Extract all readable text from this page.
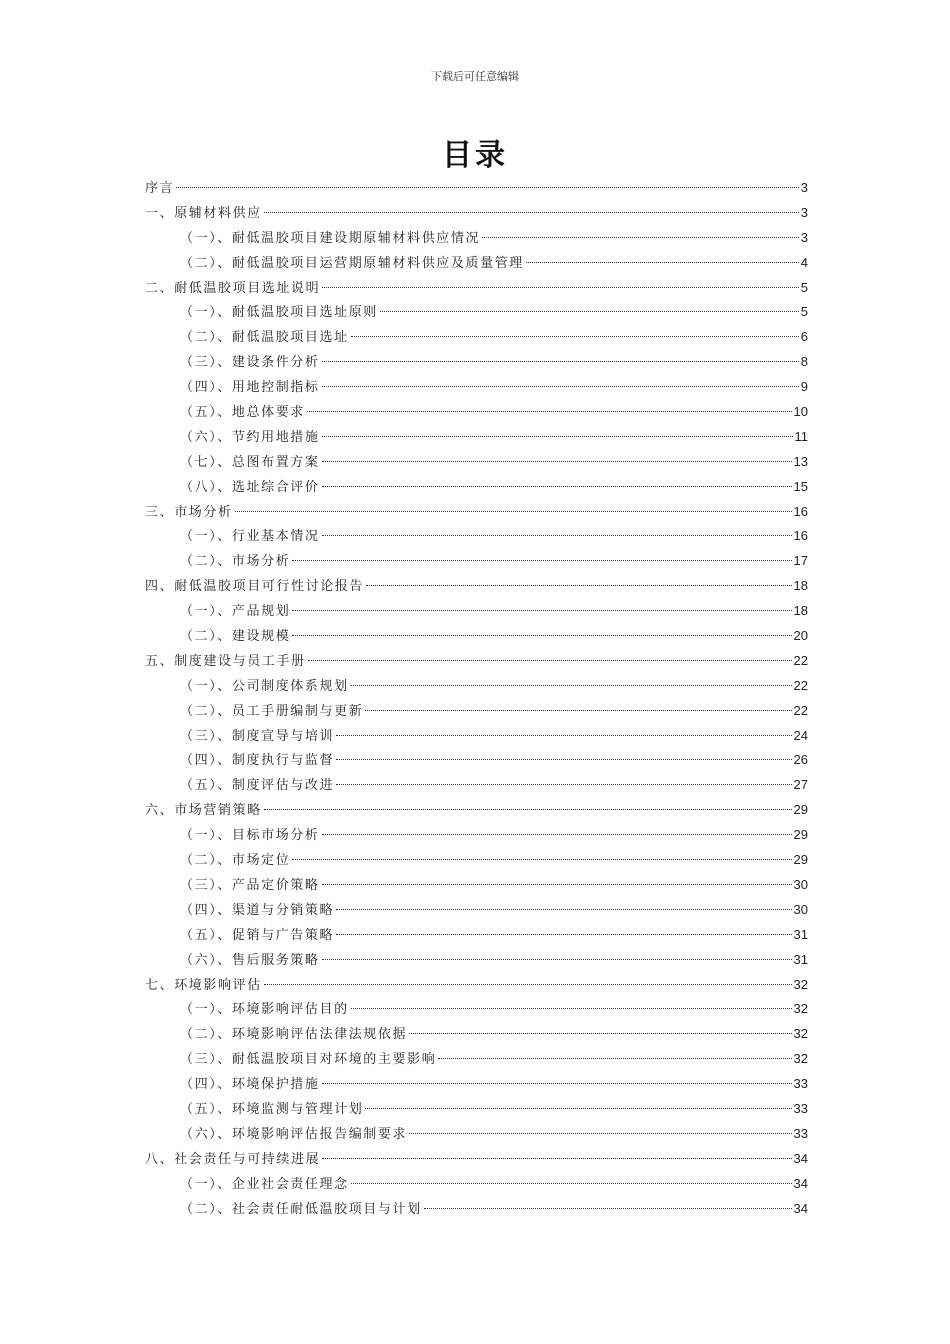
下载后可任意编辑
目录
序言	3
一、原辅材料供应	3
（一）、耐低温胶项目建设期原辅材料供应情况	3
（二）、耐低温胶项目运营期原辅材料供应及质量管理	4
二、耐低温胶项目选址说明	5
（一）、耐低温胶项目选址原则	5
（二）、耐低温胶项目选址	6
（三）、建设条件分析	8
（四）、用地控制指标	9
（五）、地总体要求	10
（六）、节约用地措施	11
（七）、总图布置方案	13
（八）、选址综合评价	15
三、市场分析	16
（一）、行业基本情况	16
（二）、市场分析	17
四、耐低温胶项目可行性讨论报告	18
（一）、产品规划	18
（二）、建设规模	20
五、制度建设与员工手册	22
（一）、公司制度体系规划	22
（二）、员工手册编制与更新	22
（三）、制度宣导与培训	24
（四）、制度执行与监督	26
（五）、制度评估与改进	27
六、市场营销策略	29
（一）、目标市场分析	29
（二）、市场定位	29
（三）、产品定价策略	30
（四）、渠道与分销策略	30
（五）、促销与广告策略	31
（六）、售后服务策略	31
七、环境影响评估	32
（一）、环境影响评估目的	32
（二）、环境影响评估法律法规依据	32
（三）、耐低温胶项目对环境的主要影响	32
（四）、环境保护措施	33
（五）、环境监测与管理计划	33
（六）、环境影响评估报告编制要求	33
八、社会责任与可持续进展	34
（一）、企业社会责任理念	34
（二）、社会责任耐低温胶项目与计划	34
